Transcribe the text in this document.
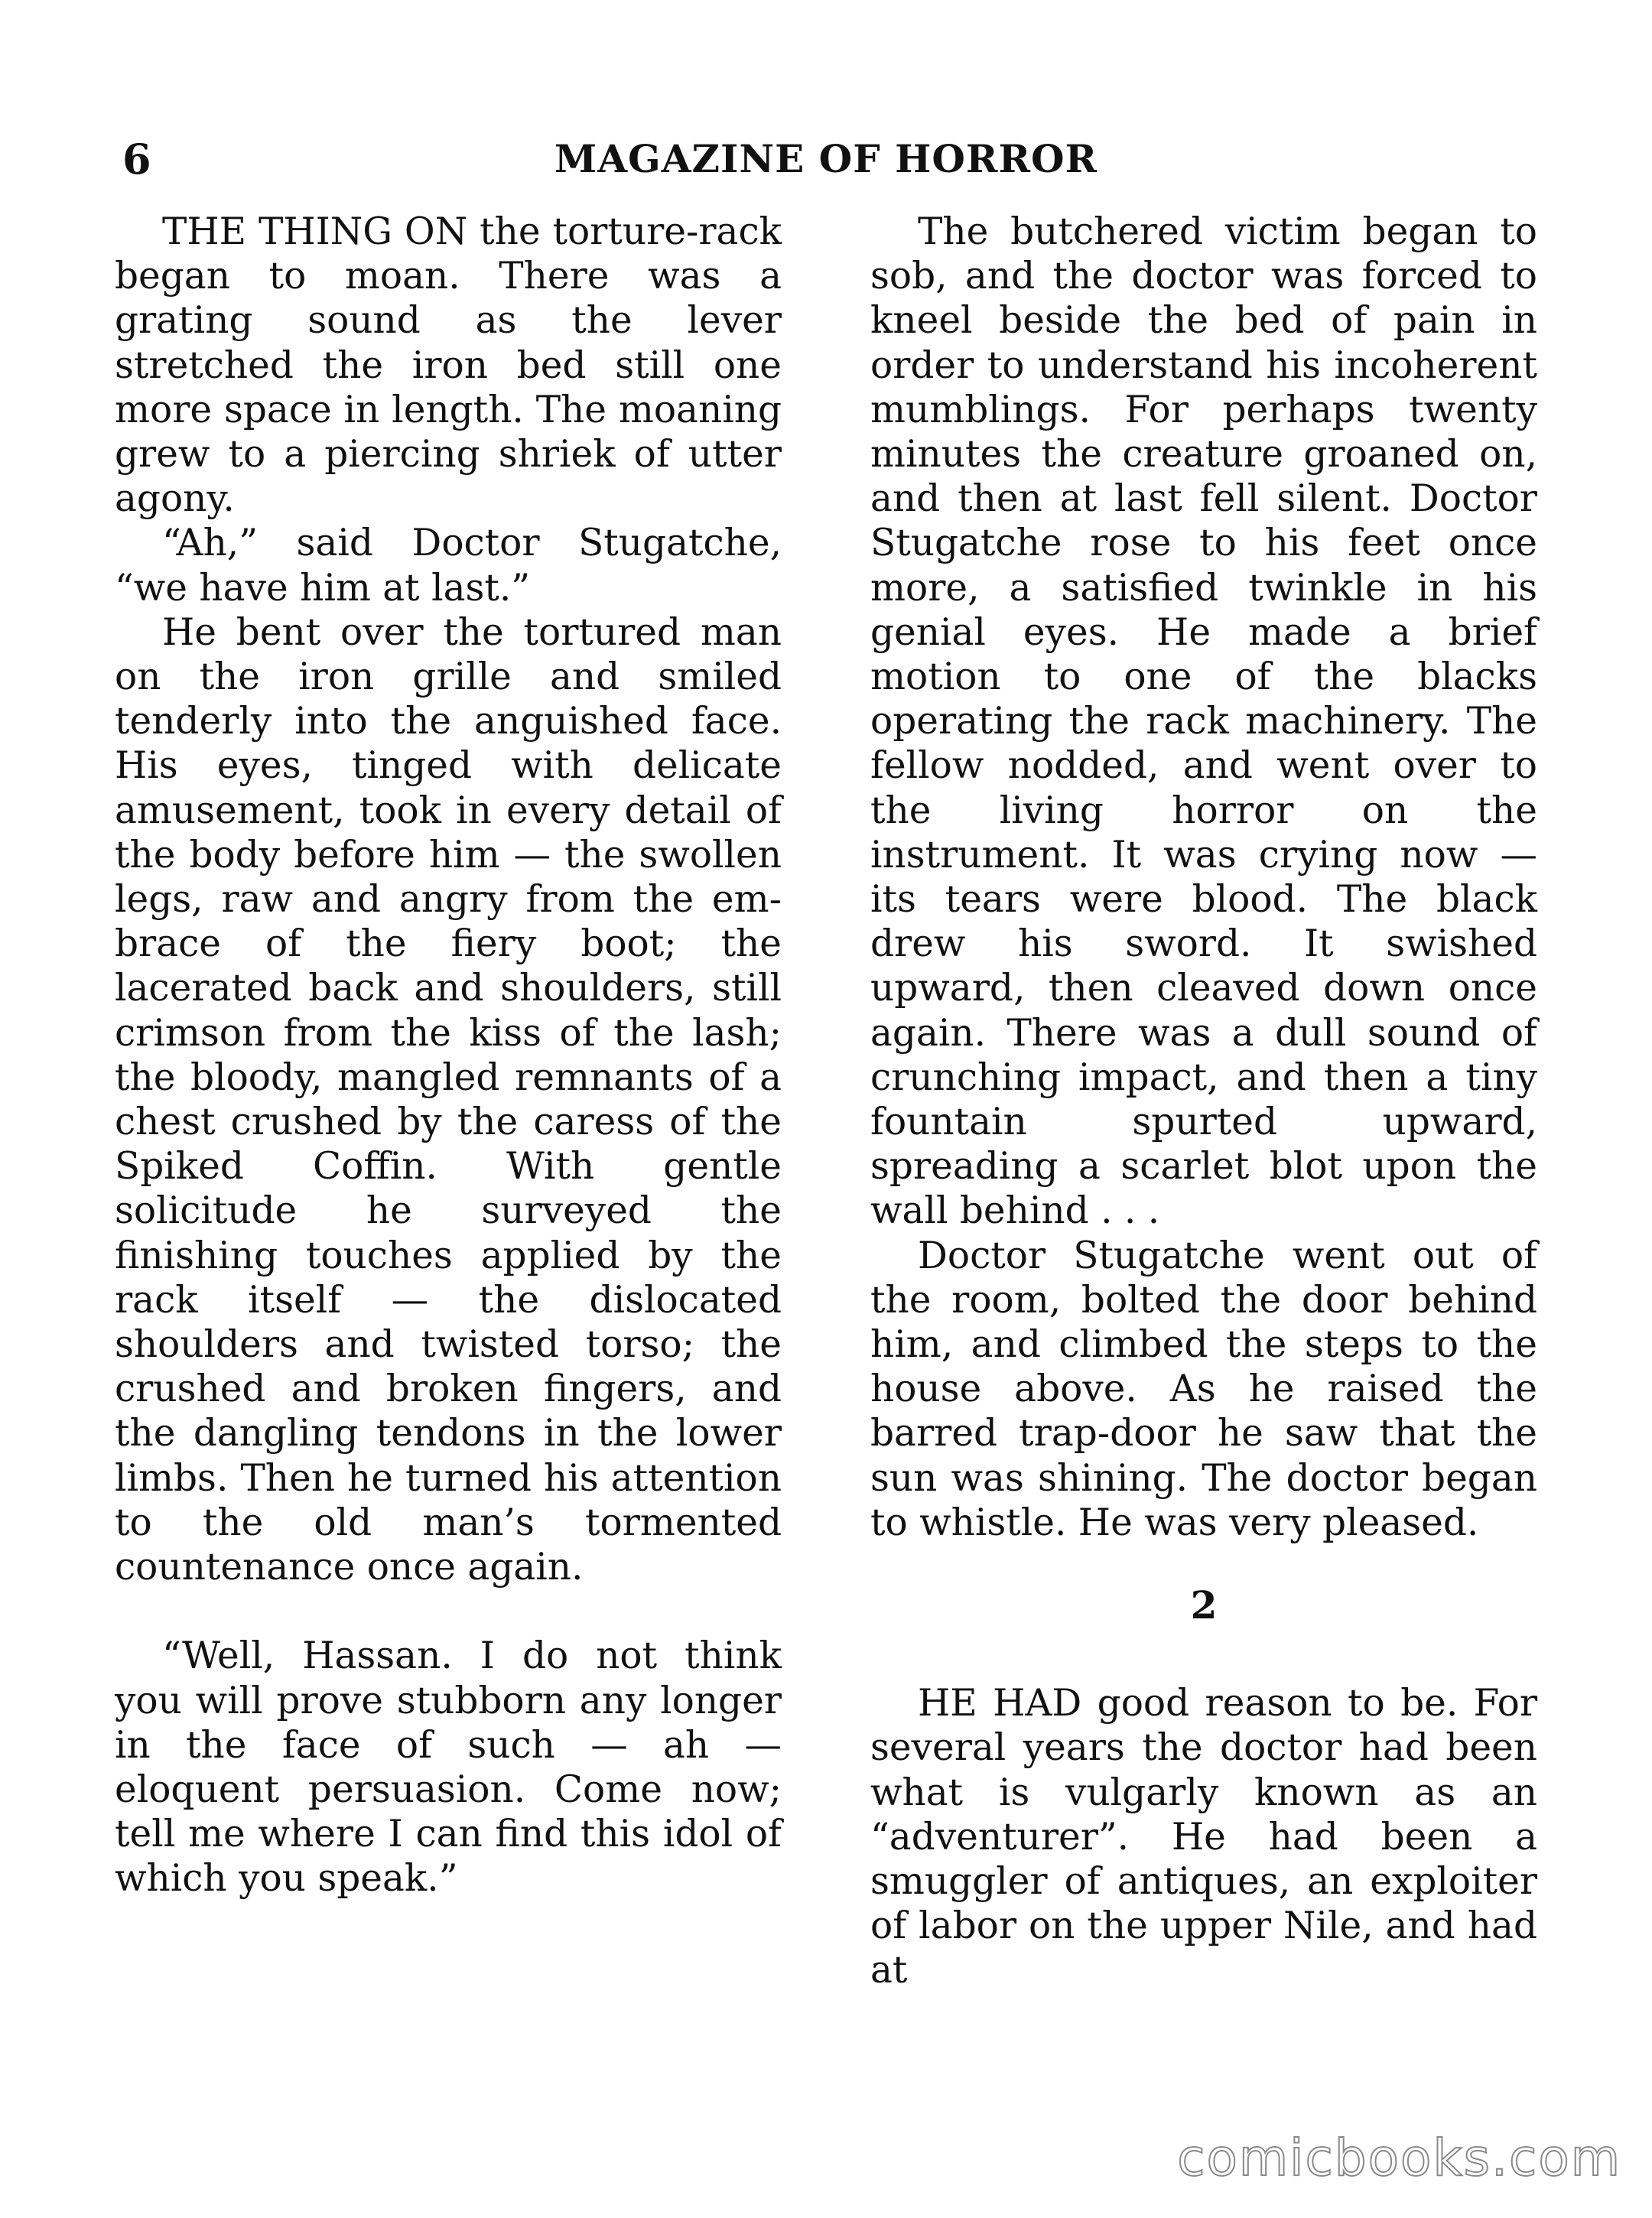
6	MAGAZINE OF HORROR

THE THING ON the torture-rack began to moan. There was a grating sound as the lever stretched the iron bed still one more space in length. The moaning grew to a piercing shriek of utter agony.

“Ah,” said Doctor Stugatche, “we have him at last.”

He bent over the tortured man on the iron grille and smiled tenderly into the anguished face. His eyes, tinged with delicate amusement, took in every detail of the body before him — the swollen legs, raw and angry from the embrace of the fiery boot; the lacerated back and shoulders, still crimson from the kiss of the lash; the bloody, mangled remnants of a chest crushed by the caress of the Spiked Coffin. With gentle solicitude he surveyed the finishing touches applied by the rack itself — the dislocated shoulders and twisted torso; the crushed and broken fingers, and the dangling tendons in the lower limbs. Then he turned his attention to the old man’s tormented countenance once again.

“Well, Hassan. I do not think you will prove stubborn any longer in the face of such — ah — eloquent persuasion. Come now; tell me where I can find this idol of which you speak.”

The butchered victim began to sob, and the doctor was forced to kneel beside the bed of pain in order to understand his incoherent mumblings. For perhaps twenty minutes the creature groaned on, and then at last fell silent. Doctor Stugatche rose to his feet once more, a satisfied twinkle in his genial eyes. He made a brief motion to one of the blacks operating the rack machinery. The fellow nodded, and went over to the living horror on the instrument. It was crying now — its tears were blood. The black drew his sword. It swished upward, then cleaved down once again. There was a dull sound of crunching impact, and then a tiny fountain spurted upward, spreading a scarlet blot upon the wall behind . . .

Doctor Stugatche went out of the room, bolted the door behind him, and climbed the steps to the house above. As he raised the barred trap-door he saw that the sun was shining. The doctor began to whistle. He was very pleased.

2

HE HAD good reason to be. For several years the doctor had been what is vulgarly known as an “adventurer”. He had been a smuggler of antiques, an exploiter of labor on the upper Nile, and had at

comicbooks.com
